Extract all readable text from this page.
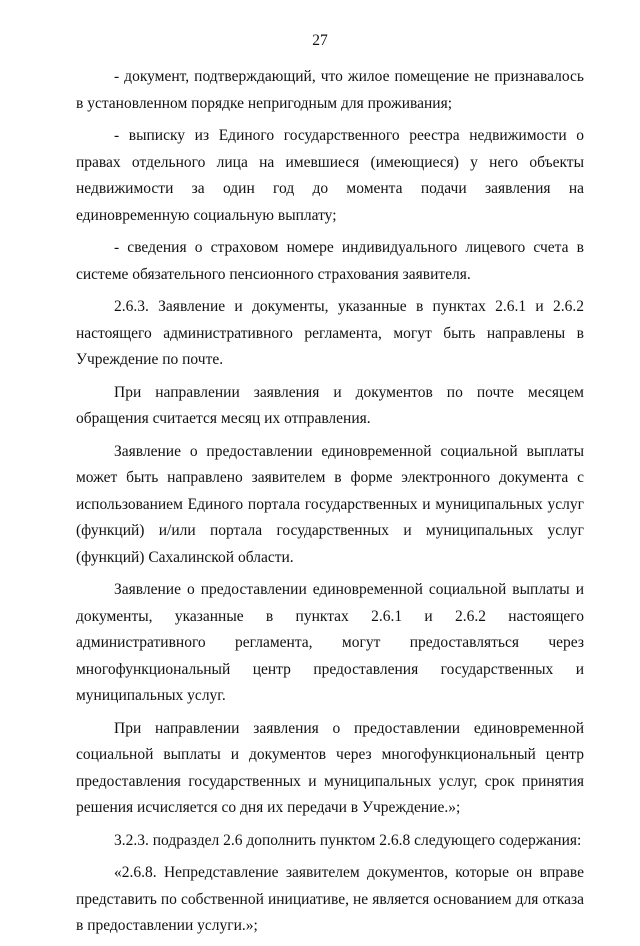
27

- документ, подтверждающий, что жилое помещение не признавалось в установленном порядке непригодным для проживания;

- выписку из Единого государственного реестра недвижимости о правах отдельного лица на имевшиеся (имеющиеся) у него объекты недвижимости за один год до момента подачи заявления на единовременную социальную выплату;

- сведения о страховом номере индивидуального лицевого счета в системе обязательного пенсионного страхования заявителя.

2.6.3. Заявление и документы, указанные в пунктах 2.6.1 и 2.6.2 настоящего административного регламента, могут быть направлены в Учреждение по почте.

При направлении заявления и документов по почте месяцем обращения считается месяц их отправления.

Заявление о предоставлении единовременной социальной выплаты может быть направлено заявителем в форме электронного документа с использованием Единого портала государственных и муниципальных услуг (функций) и/или портала государственных и муниципальных услуг (функций) Сахалинской области.

Заявление о предоставлении единовременной социальной выплаты и документы, указанные в пунктах 2.6.1 и 2.6.2 настоящего административного регламента, могут предоставляться через многофункциональный центр предоставления государственных и муниципальных услуг.

При направлении заявления о предоставлении единовременной социальной выплаты и документов через многофункциональный центр предоставления государственных и муниципальных услуг, срок принятия решения исчисляется со дня их передачи в Учреждение.»;

3.2.3. подраздел 2.6 дополнить пунктом 2.6.8 следующего содержания:

«2.6.8. Непредставление заявителем документов, которые он вправе представить по собственной инициативе, не является основанием для отказа в предоставлении услуги.»;
